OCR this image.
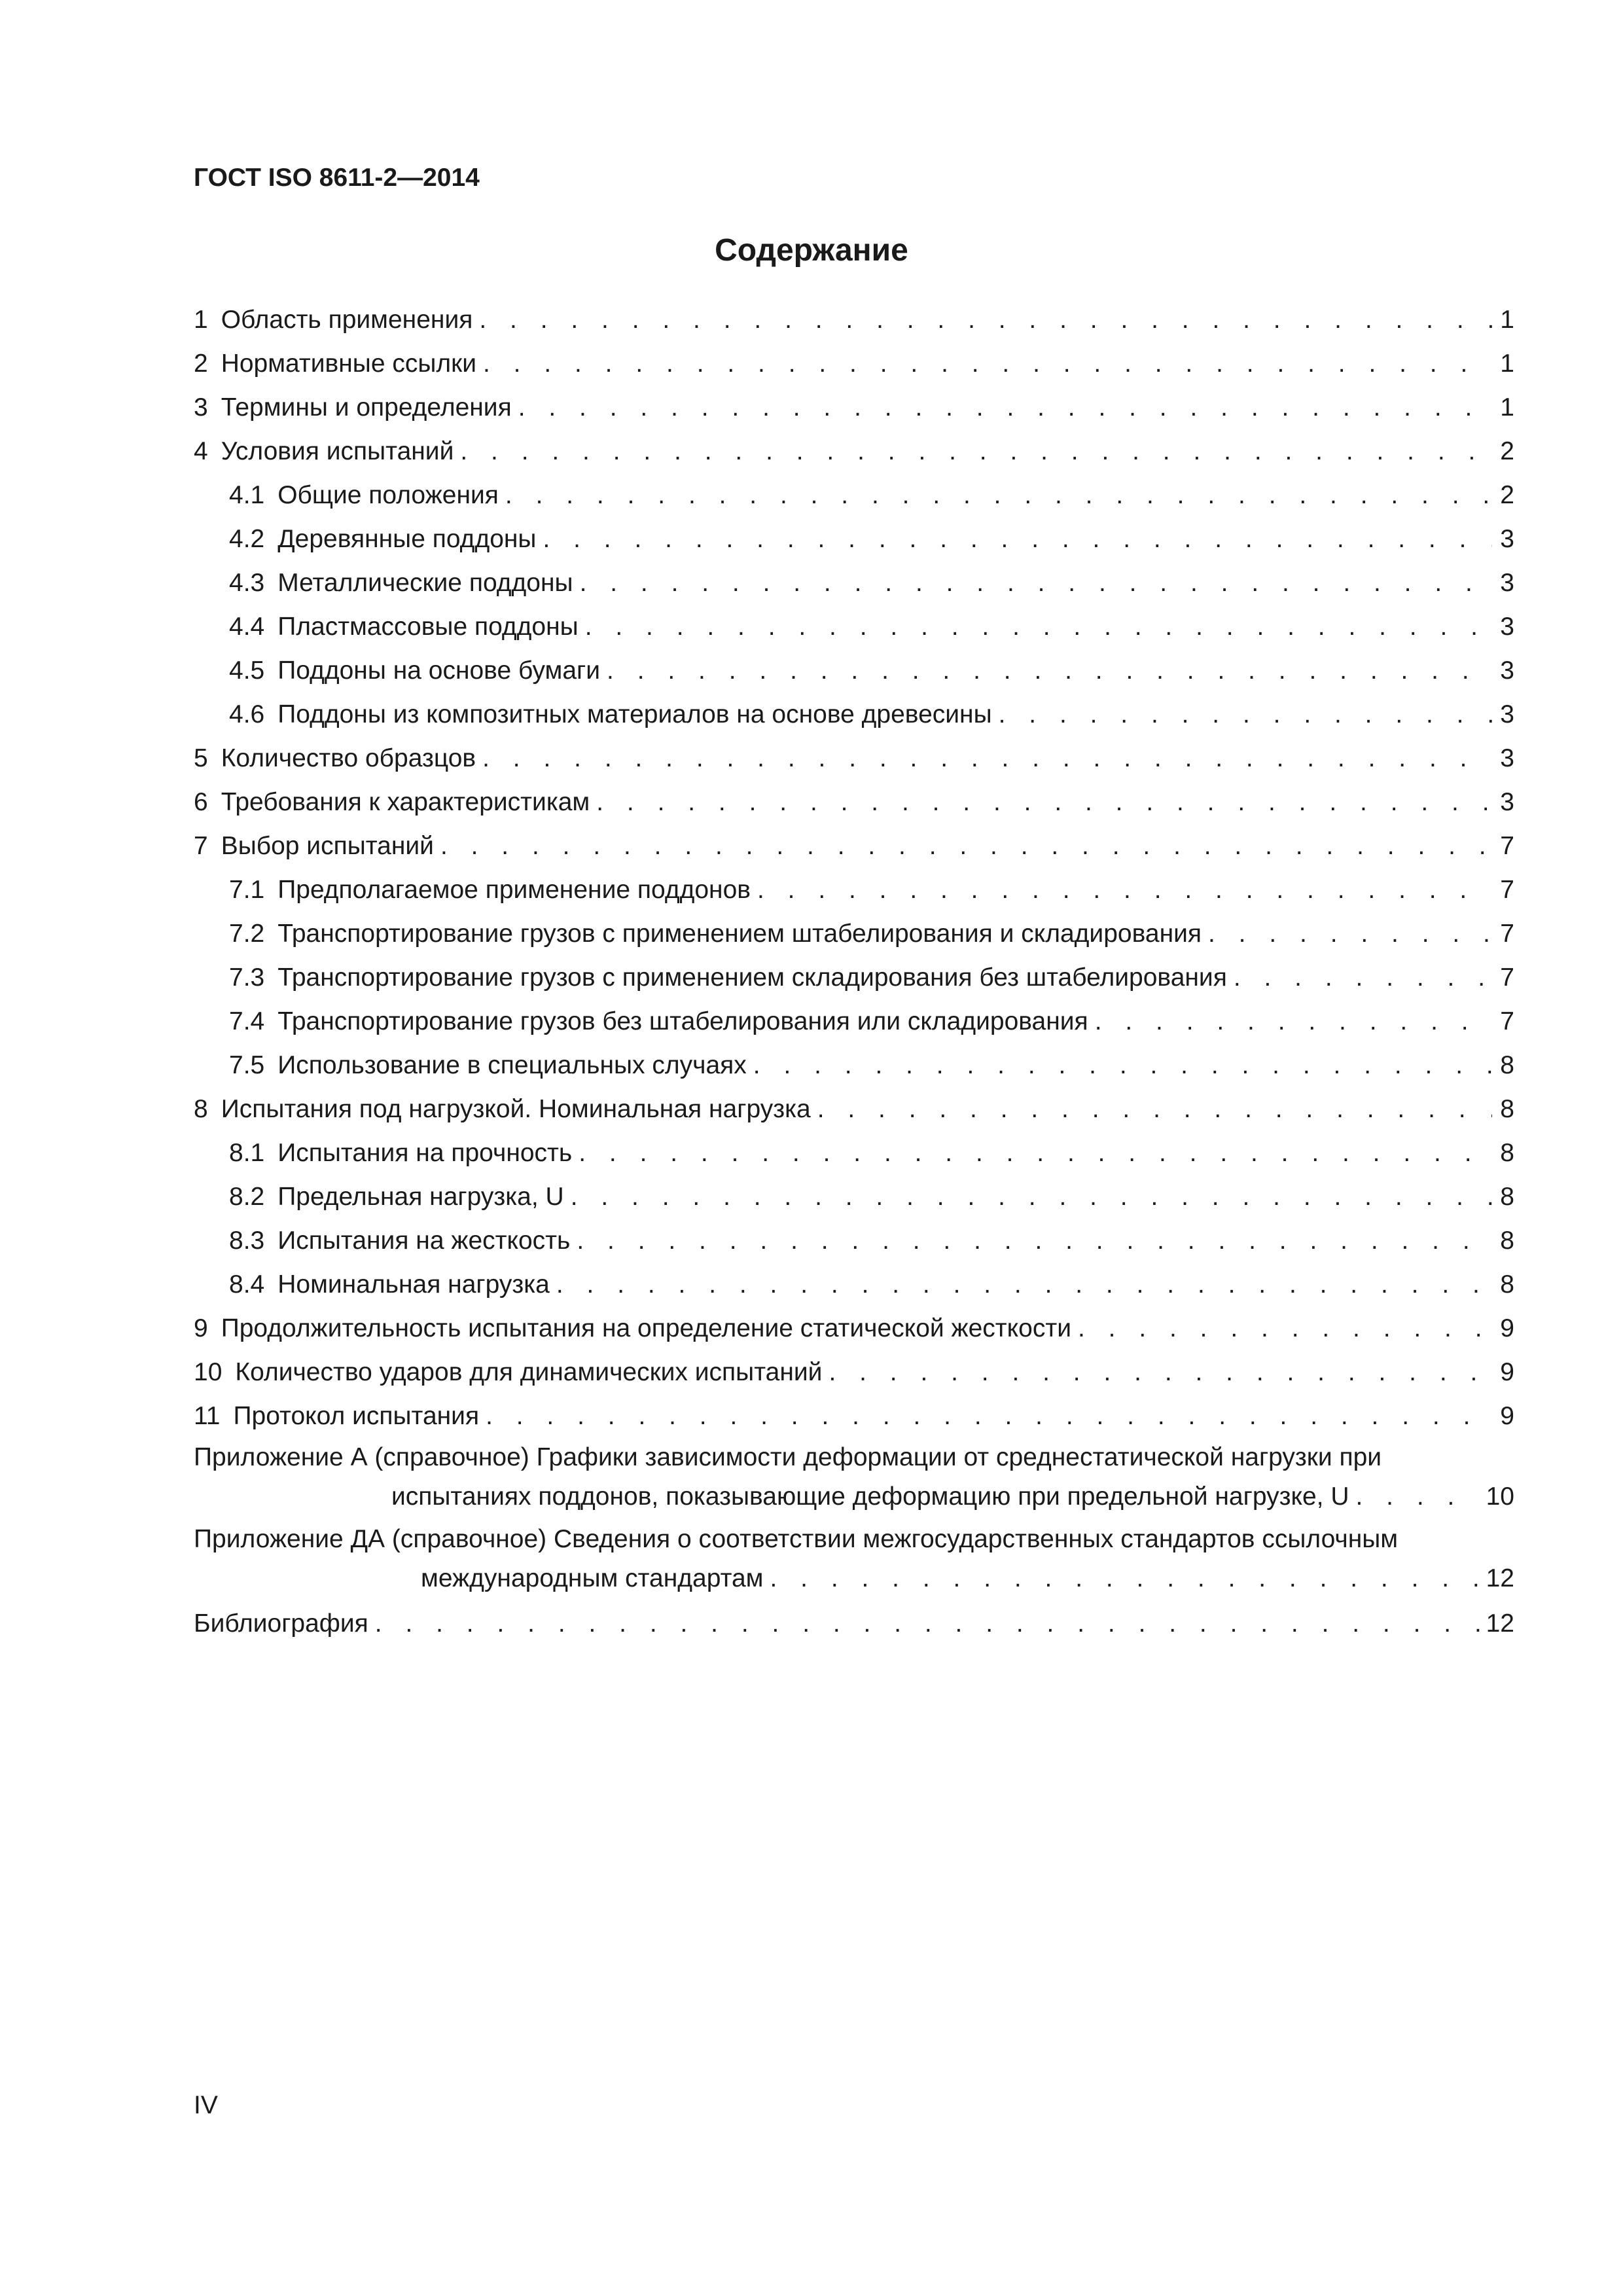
ГОСТ ISO 8611-2—2014
Содержание
1 Область применения . . .	1
2 Нормативные ссылки . . .	1
3 Термины и определения . . .	1
4 Условия испытаний . . .	2
4.1 Общие положения . . .	2
4.2 Деревянные поддоны . . .	3
4.3 Металлические поддоны . . .	3
4.4 Пластмассовые поддоны . . .	3
4.5 Поддоны на основе бумаги . . .	3
4.6 Поддоны из композитных материалов на основе древесины . . .	3
5 Количество образцов . . .	3
6 Требования к характеристикам . . .	3
7 Выбор испытаний . . .	7
7.1 Предполагаемое применение поддонов . . .	7
7.2 Транспортирование грузов с применением штабелирования и складирования . . .	7
7.3 Транспортирование грузов с применением складирования без штабелирования . . .	7
7.4 Транспортирование грузов без штабелирования или складирования . . .	7
7.5 Использование в специальных случаях . . .	8
8 Испытания под нагрузкой. Номинальная нагрузка . . .	8
8.1 Испытания на прочность . . .	8
8.2 Предельная нагрузка, U . . .	8
8.3 Испытания на жесткость . . .	8
8.4 Номинальная нагрузка . . .	8
9 Продолжительность испытания на определение статической жесткости . . .	9
10 Количество ударов для динамических испытаний . . .	9
11 Протокол испытания . . .	9
Приложение А (справочное) Графики зависимости деформации от среднестатической нагрузки при
испытаниях поддонов, показывающие деформацию при предельной нагрузке, U . . .	10
Приложение ДА (справочное) Сведения о соответствии межгосударственных стандартов ссылочным
международным стандартам . . .	12
Библиография . . .	12
IV
